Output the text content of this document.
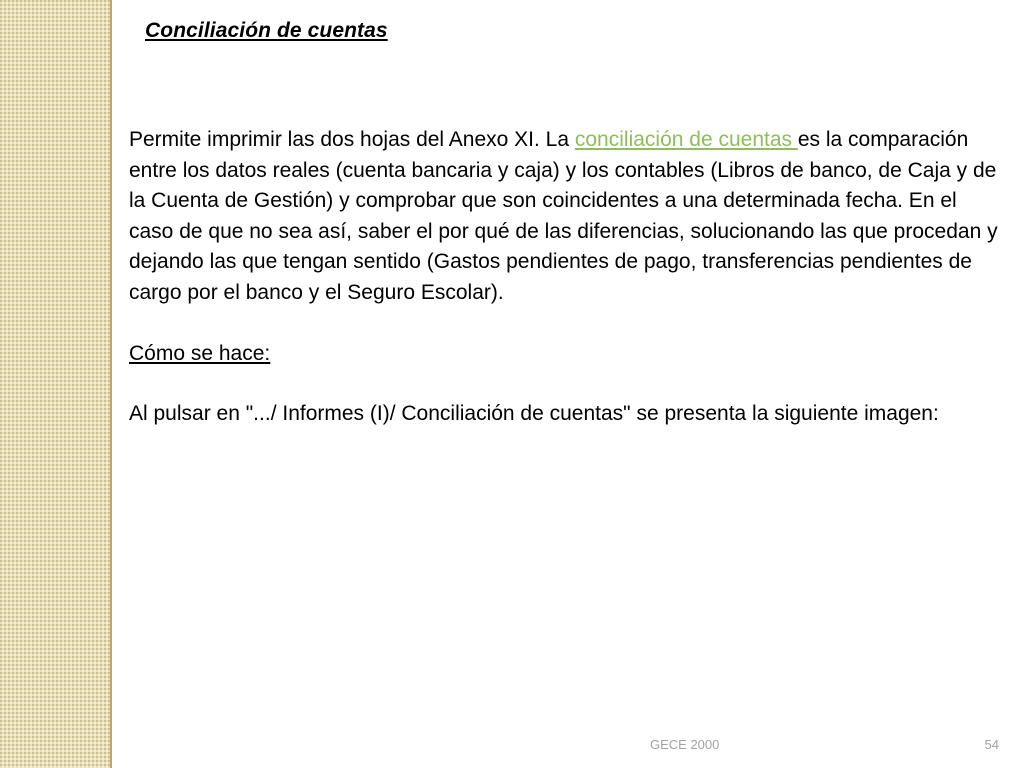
Conciliación de cuentas

Permite imprimir las dos hojas del Anexo XI. La conciliación de cuentas es la comparación entre los datos reales (cuenta bancaria y caja) y los contables (Libros de banco, de Caja y de la Cuenta de Gestión) y comprobar que son coincidentes a una determinada fecha. En el caso de que no sea así, saber el por qué de las diferencias, solucionando las que procedan y dejando las que tengan sentido (Gastos pendientes de pago, transferencias pendientes de cargo por el banco y el Seguro Escolar).

Cómo se hace:

Al pulsar en ".../ Informes (I)/ Conciliación de cuentas" se presenta la siguiente imagen:

GECE 2000	54
